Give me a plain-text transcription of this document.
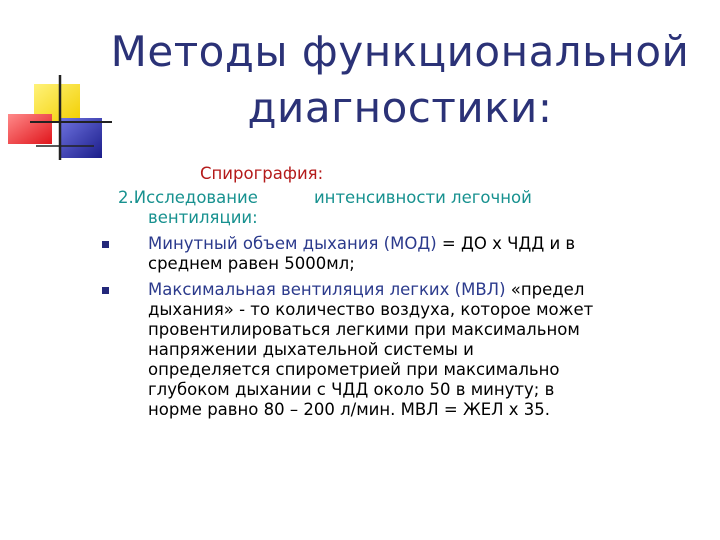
Методы функциональной
диагностики:
Спирография:
2.Исследование	интенсивности легочной
вентиляции:
Минутный объем дыхания (МОД) = ДО х ЧДД и в
среднем равен 5000мл;
Максимальная вентиляция легких (МВЛ) «предел
дыхания» - то количество воздуха, которое может
провентилироваться легкими при максимальном
напряжении дыхательной системы и
определяется спирометрией при максимально
глубоком дыхании с ЧДД около 50 в минуту; в
норме равно 80 – 200 л/мин. МВЛ = ЖЕЛ х 35.
